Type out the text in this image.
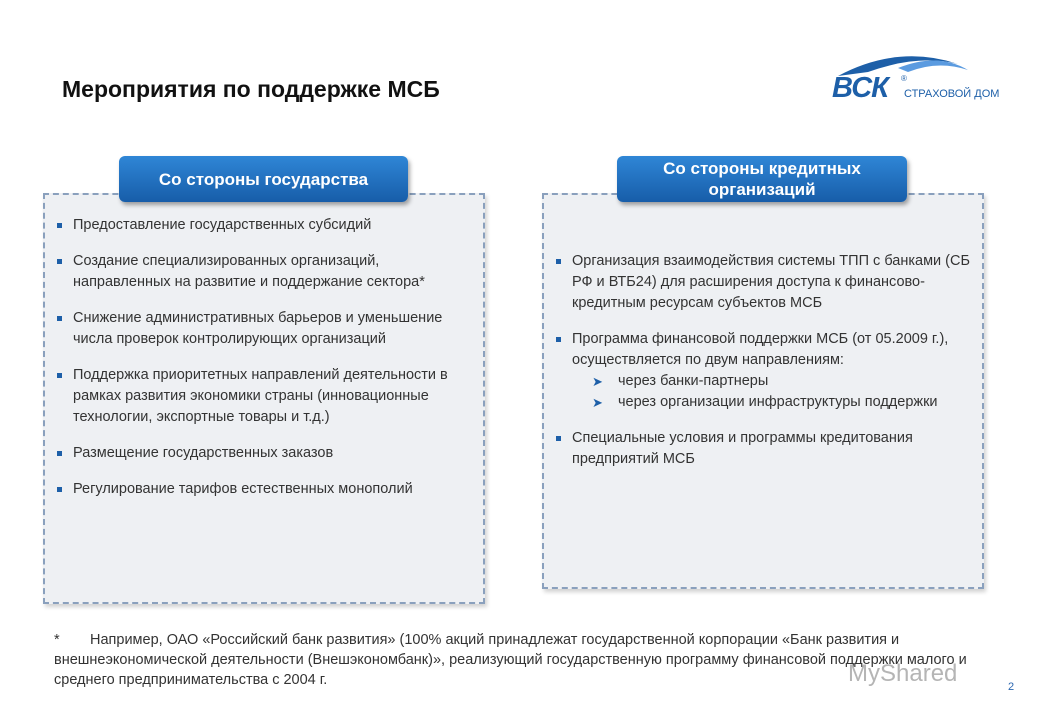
Мероприятия по поддержке МСБ	ВСК ®
СТРАХОВОЙ ДОМ
Предоставление государственных субсидий
Создание специализированных организаций, направленных на развитие и поддержание сектора*
Снижение административных барьеров и уменьшение числа проверок контролирующих организаций
Поддержка приоритетных направлений деятельности в рамках развития экономики страны (инновационные технологии, экспортные товары и т.д.)
Размещение государственных заказов
Регулирование тарифов естественных монополий
Организация взаимодействия системы ТПП с банками (СБ РФ и ВТБ24) для расширения доступа к финансово-кредитным ресурсам субъектов МСБ
Программа финансовой поддержки МСБ (от 05.2009 г.), осуществляется по двум направлениям:
➤ через банки-партнеры
➤ через организации инфраструктуры поддержки
Специальные условия и программы кредитования предприятий МСБ
Со стороны государства
Со стороны кредитных организаций
* Например, ОАО «Российский банк развития» (100% акций принадлежат государственной корпорации «Банк развития и внешнеэкономической деятельности (Внешэкономбанк)», реализующий государственную программу финансовой поддержки малого и среднего предпринимательства с 2004 г.	MyShared	2
